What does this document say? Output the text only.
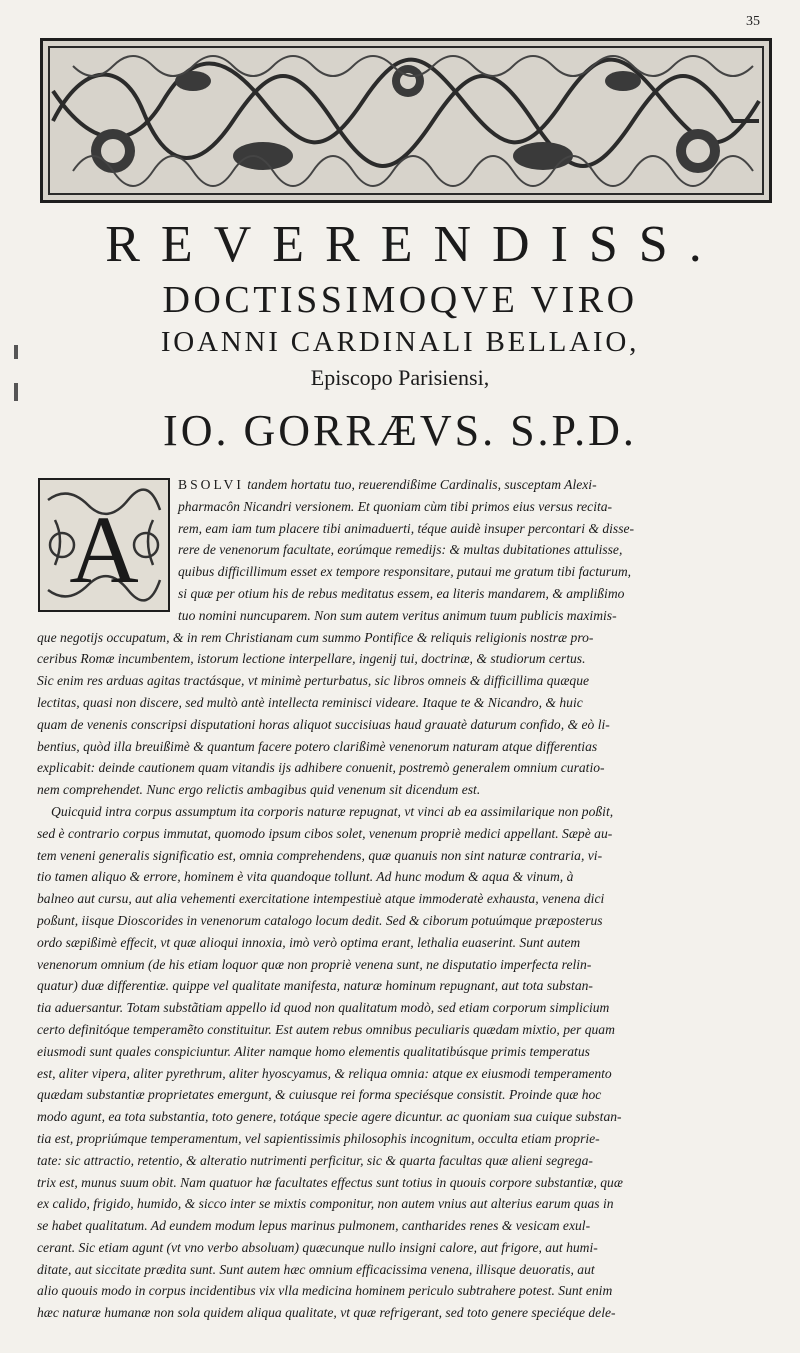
35
REVERENDISS.
DOCTISSIMOQVE VIRO
IOANNI CARDINALI BELLAIO,
Episcopo Parisiensi,
IO. GORRÆVS. S.P.D.
A
BSOLVI tandem hortatu tuo, reuerendißime Cardinalis, susceptam Alexi-
pharmacôn Nicandri versionem. Et quoniam cùm tibi primos eius versus recita-
rem, eam iam tum placere tibi animaduerti, téque auidè insuper percontari & disse-
rere de venenorum facultate, eorúmque remedijs: & multas dubitationes attulisse,
quibus difficillimum esset ex tempore responsitare, putaui me gratum tibi facturum,
si quæ per otium his de rebus meditatus essem, ea literis mandarem, & amplißimo
tuo nomini nuncuparem. Non sum autem veritus animum tuum publicis maximis-
que negotijs occupatum, & in rem Christianam cum summo Pontifice & reliquis religionis nostræ pro-
ceribus Romæ incumbentem, istorum lectione interpellare, ingenij tui, doctrinæ, & studiorum certus.
Sic enim res arduas agitas tractásque, vt minimè perturbatus, sic libros omneis & difficillima quæque
lectitas, quasi non discere, sed multò antè intellecta reminisci videare. Itaque te & Nicandro, & huic
quam de venenis conscripsi disputationi horas aliquot succisiuas haud grauatè daturum confido, & eò li-
bentius, quòd illa breuißimè & quantum facere potero clarißimè venenorum naturam atque differentias
explicabit: deinde cautionem quam vitandis ijs adhibere conuenit, postremò generalem omnium curatio-
nem comprehendet. Nunc ergo relictis ambagibus quid venenum sit dicendum est.
Quicquid intra corpus assumptum ita corporis naturæ repugnat, vt vinci ab ea assimilarique non poßit,
sed è contrario corpus immutat, quomodo ipsum cibos solet, venenum propriè medici appellant. Sæpè au-
tem veneni generalis significatio est, omnia comprehendens, quæ quanuis non sint naturæ contraria, vi-
tio tamen aliquo & errore, hominem è vita quandoque tollunt. Ad hunc modum & aqua & vinum, à
balneo aut cursu, aut alia vehementi exercitatione intempestiuè atque immoderatè exhausta, venena dici
poßunt, iisque Dioscorides in venenorum catalogo locum dedit. Sed & ciborum potuúmque præposterus
ordo sæpißimè effecit, vt quæ alioqui innoxia, imò verò optima erant, lethalia euaserint. Sunt autem
venenorum omnium (de his etiam loquor quæ non propriè venena sunt, ne disputatio imperfecta relin-
quatur) duæ differentiæ. quippe vel qualitate manifesta, naturæ hominum repugnant, aut tota substan-
tia aduersantur. Totam substãtiam appello id quod non qualitatum modò, sed etiam corporum simplicium
certo definitóque temperamẽto constituitur. Est autem rebus omnibus peculiaris quædam mixtio, per quam
eiusmodi sunt quales conspiciuntur. Aliter namque homo elementis qualitatibúsque primis temperatus
est, aliter vipera, aliter pyrethrum, aliter hyoscyamus, & reliqua omnia: atque ex eiusmodi temperamento
quædam substantiæ proprietates emergunt, & cuiusque rei forma speciésque consistit. Proinde quæ hoc
modo agunt, ea tota substantia, toto genere, totáque specie agere dicuntur. ac quoniam sua cuique substan-
tia est, propriúmque temperamentum, vel sapientissimis philosophis incognitum, occulta etiam proprie-
tate: sic attractio, retentio, & alteratio nutrimenti perficitur, sic & quarta facultas quæ alieni segrega-
trix est, munus suum obit. Nam quatuor hæ facultates effectus sunt totius in quouis corpore substantiæ, quæ
ex calido, frigido, humido, & sicco inter se mixtis componitur, non autem vnius aut alterius earum quas in
se habet qualitatum. Ad eundem modum lepus marinus pulmonem, cantharides renes & vesicam exul-
cerant. Sic etiam agunt (vt vno verbo absoluam) quæcunque nullo insigni calore, aut frigore, aut humi-
ditate, aut siccitate prædita sunt. Sunt autem hæc omnium efficacissima venena, illisque deuoratis, aut
alio quouis modo in corpus incidentibus vix vlla medicina hominem periculo subtrahere potest. Sunt enim
hæc naturæ humanæ non sola quidem aliqua qualitate, vt quæ refrigerant, sed toto genere speciéque dele-
